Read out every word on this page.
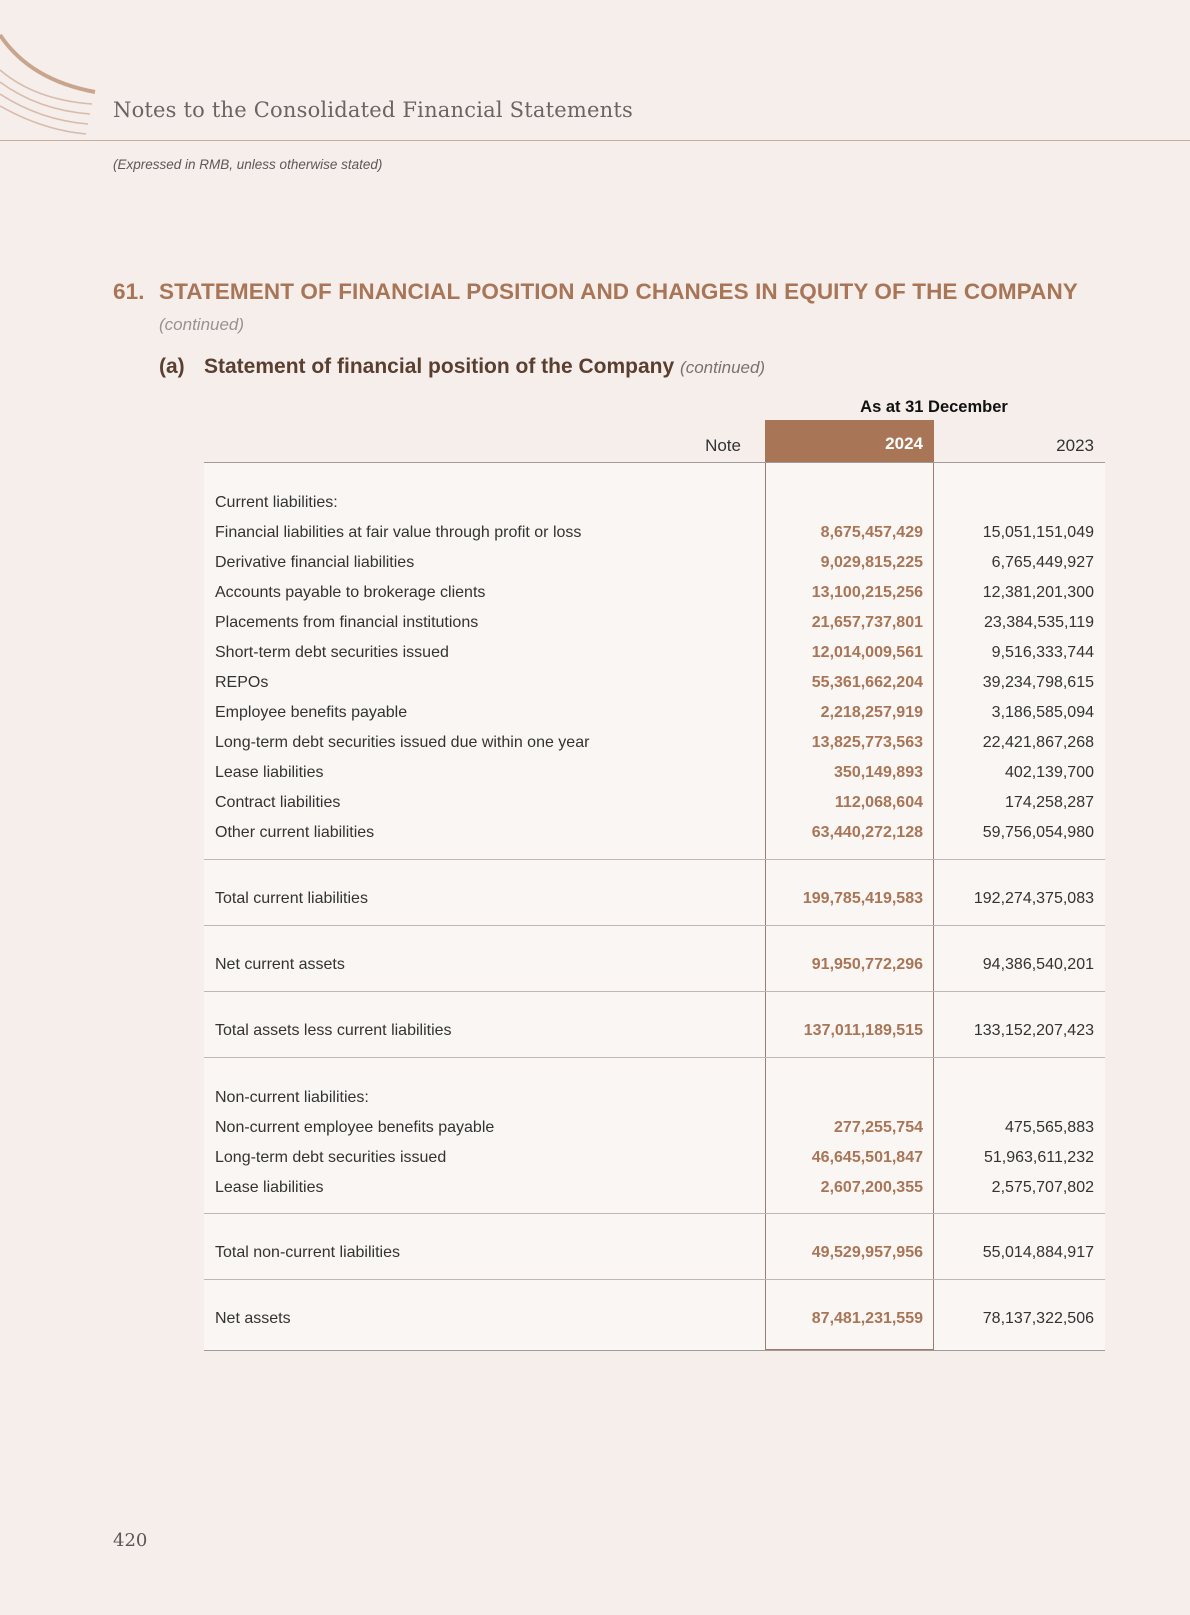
Notes to the Consolidated Financial Statements
(Expressed in RMB, unless otherwise stated)
61. STATEMENT OF FINANCIAL POSITION AND CHANGES IN EQUITY OF THE COMPANY
(continued)
(a) Statement of financial position of the Company (continued)
As at 31 December
Note	2024	2023
Current liabilities:
Financial liabilities at fair value through profit or loss	8,675,457,429	15,051,151,049
Derivative financial liabilities	9,029,815,225	6,765,449,927
Accounts payable to brokerage clients	13,100,215,256	12,381,201,300
Placements from financial institutions	21,657,737,801	23,384,535,119
Short-term debt securities issued	12,014,009,561	9,516,333,744
REPOs	55,361,662,204	39,234,798,615
Employee benefits payable	2,218,257,919	3,186,585,094
Long-term debt securities issued due within one year	13,825,773,563	22,421,867,268
Lease liabilities	350,149,893	402,139,700
Contract liabilities	112,068,604	174,258,287
Other current liabilities	63,440,272,128	59,756,054,980
Total current liabilities	199,785,419,583	192,274,375,083
Net current assets	91,950,772,296	94,386,540,201
Total assets less current liabilities	137,011,189,515	133,152,207,423
Non-current liabilities:
Non-current employee benefits payable	277,255,754	475,565,883
Long-term debt securities issued	46,645,501,847	51,963,611,232
Lease liabilities	2,607,200,355	2,575,707,802
Total non-current liabilities	49,529,957,956	55,014,884,917
Net assets	87,481,231,559	78,137,322,506
420
